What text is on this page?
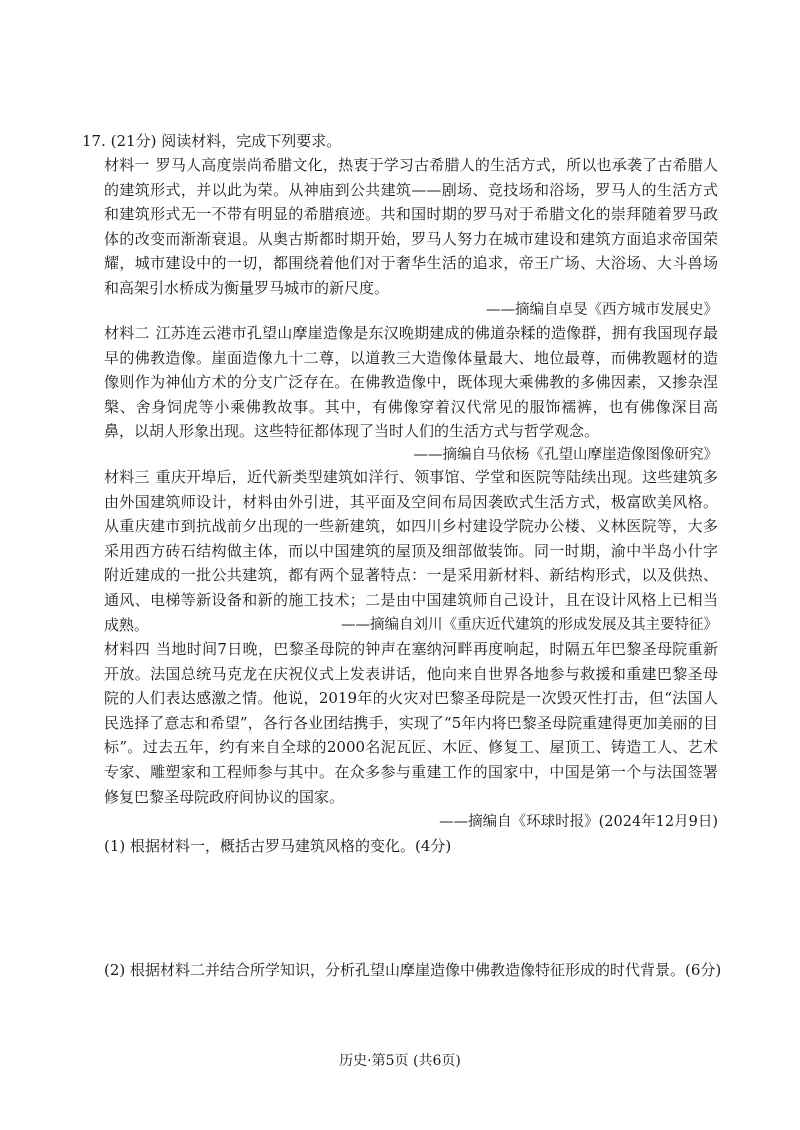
17. (21分) 阅读材料，完成下列要求。
材料一 罗马人高度崇尚希腊文化，热衷于学习古希腊人的生活方式，所以也承袭了古希腊人的建筑形式，并以此为荣。从神庙到公共建筑——剧场、竞技场和浴场，罗马人的生活方式和建筑形式无一不带有明显的希腊痕迹。共和国时期的罗马对于希腊文化的崇拜随着罗马政体的改变而渐渐衰退。从奥古斯都时期开始，罗马人努力在城市建设和建筑方面追求帝国荣耀，城市建设中的一切，都围绕着他们对于奢华生活的追求，帝王广场、大浴场、大斗兽场和高架引水桥成为衡量罗马城市的新尺度。
——摘编自卓旻《西方城市发展史》
材料二 江苏连云港市孔望山摩崖造像是东汉晚期建成的佛道杂糅的造像群，拥有我国现存最早的佛教造像。崖面造像九十二尊，以道教三大造像体量最大、地位最尊，而佛教题材的造像则作为神仙方术的分支广泛存在。在佛教造像中，既体现大乘佛教的多佛因素，又掺杂涅槃、舍身饲虎等小乘佛教故事。其中，有佛像穿着汉代常见的服饰襦裤，也有佛像深目高鼻，以胡人形象出现。这些特征都体现了当时人们的生活方式与哲学观念。
——摘编自马依杨《孔望山摩崖造像图像研究》
材料三 重庆开埠后，近代新类型建筑如洋行、领事馆、学堂和医院等陆续出现。这些建筑多由外国建筑师设计，材料由外引进，其平面及空间布局因袭欧式生活方式，极富欧美风格。从重庆建市到抗战前夕出现的一些新建筑，如四川乡村建设学院办公楼、义林医院等，大多采用西方砖石结构做主体，而以中国建筑的屋顶及细部做装饰。同一时期，渝中半岛小什字附近建成的一批公共建筑，都有两个显著特点：一是采用新材料、新结构形式，以及供热、通风、电梯等新设备和新的施工技术；二是由中国建筑师自己设计，且在设计风格上已相当成熟。	——摘编自刘川《重庆近代建筑的形成发展及其主要特征》
材料四 当地时间7日晚，巴黎圣母院的钟声在塞纳河畔再度响起，时隔五年巴黎圣母院重新开放。法国总统马克龙在庆祝仪式上发表讲话，他向来自世界各地参与救援和重建巴黎圣母院的人们表达感激之情。他说，2019年的火灾对巴黎圣母院是一次毁灭性打击，但“法国人民选择了意志和希望”，各行各业团结携手，实现了“5年内将巴黎圣母院重建得更加美丽的目标”。过去五年，约有来自全球的2000名泥瓦匠、木匠、修复工、屋顶工、铸造工人、艺术专家、雕塑家和工程师参与其中。在众多参与重建工作的国家中，中国是第一个与法国签署修复巴黎圣母院政府间协议的国家。
——摘编自《环球时报》(2024年12月9日)
(1) 根据材料一，概括古罗马建筑风格的变化。(4分)
(2) 根据材料二并结合所学知识，分析孔望山摩崖造像中佛教造像特征形成的时代背景。(6分)
历史·第5页 (共6页)
